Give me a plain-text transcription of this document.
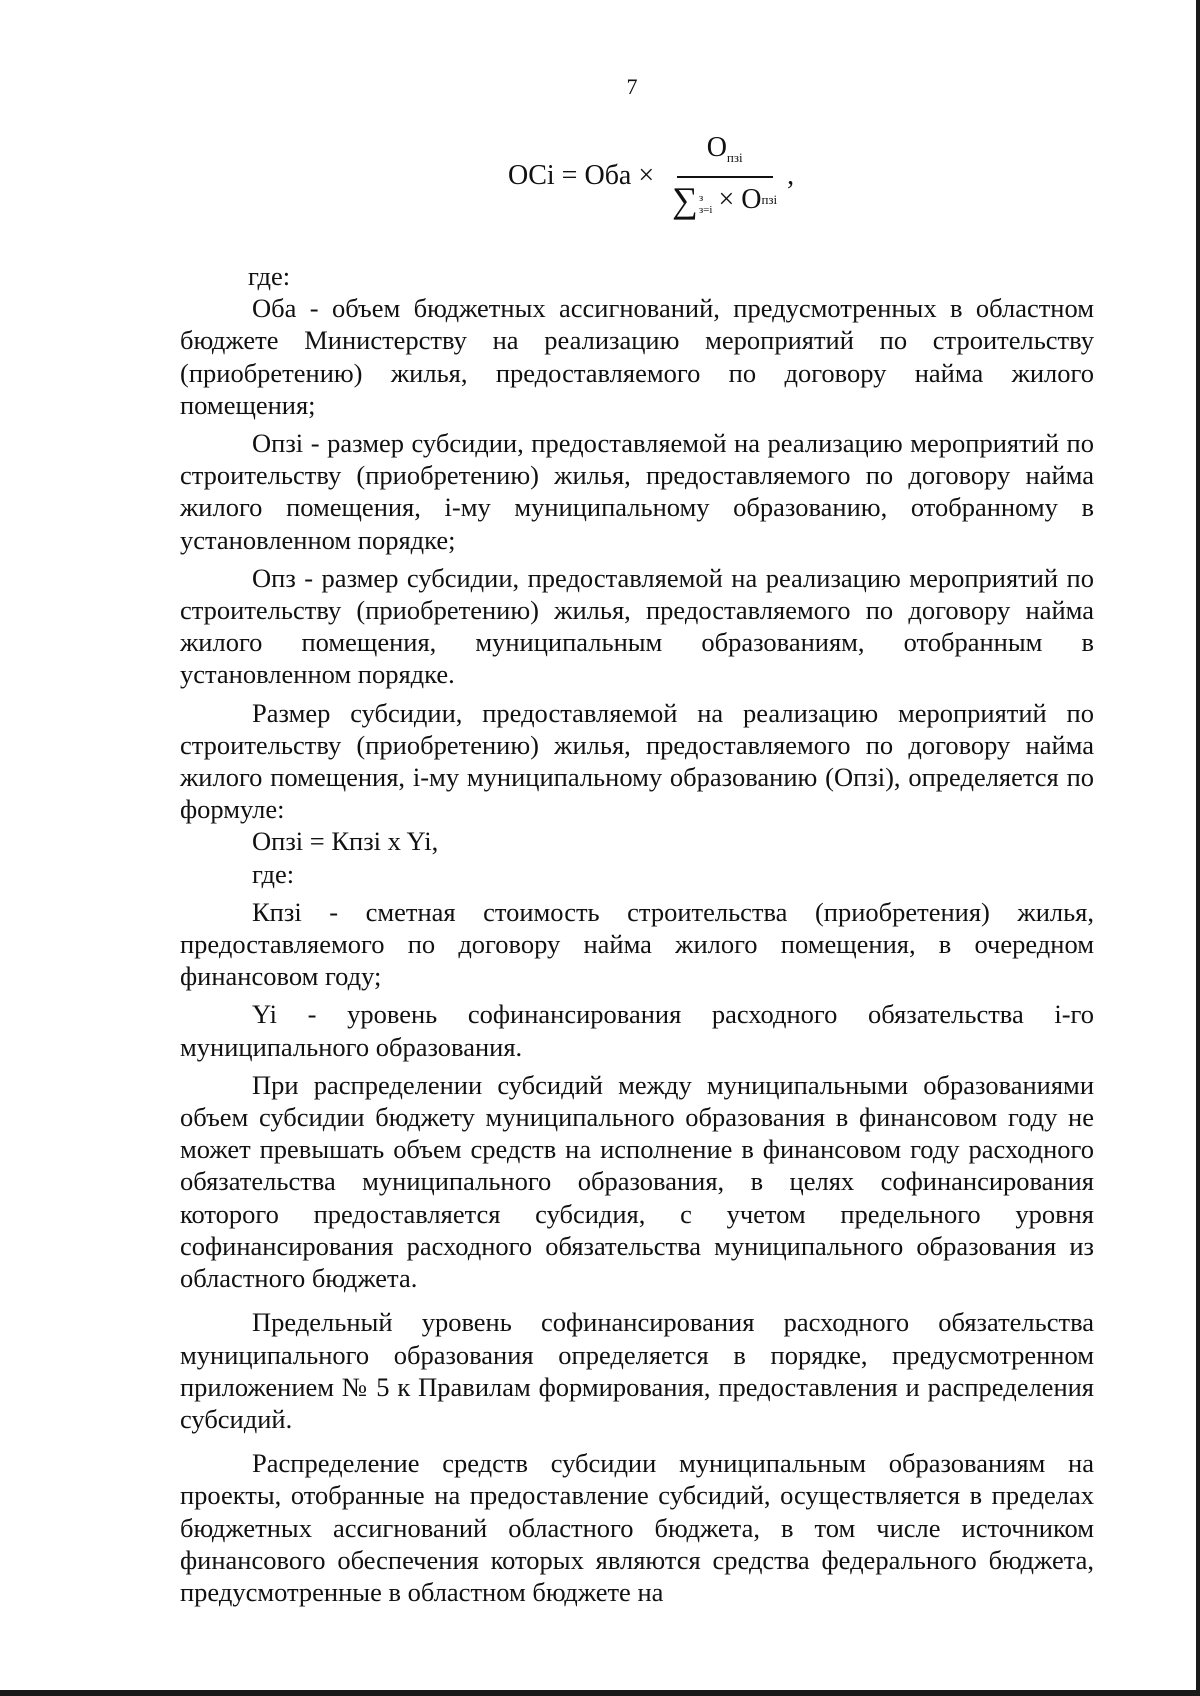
7
OCi = Оба × $O_{пзi}$
∑ з
з=i × O пзi ,

где:

Оба - объем бюджетных ассигнований, предусмотренных в областном бюджете Министерству на реализацию мероприятий по строительству (приобретению) жилья, предоставляемого по договору найма жилого помещения;

Опзi - размер субсидии, предоставляемой на реализацию мероприятий по строительству (приобретению) жилья, предоставляемого по договору найма жилого помещения, i-му муниципальному образованию, отобранному в установленном порядке;

Опз - размер субсидии, предоставляемой на реализацию мероприятий по строительству (приобретению) жилья, предоставляемого по договору найма жилого помещения, муниципальным образованиям, отобранным в установленном порядке.

Размер субсидии, предоставляемой на реализацию мероприятий по строительству (приобретению) жилья, предоставляемого по договору найма жилого помещения, i-му муниципальному образованию (Опзi), определяется по формуле:

Опзi = Кпзi x Yi,

где:

Кпзi - сметная стоимость строительства (приобретения) жилья, предоставляемого по договору найма жилого помещения, в очередном финансовом году;

Yi - уровень софинансирования расходного обязательства i-го муниципального образования.

При распределении субсидий между муниципальными образованиями объем субсидии бюджету муниципального образования в финансовом году не может превышать объем средств на исполнение в финансовом году расходного обязательства муниципального образования, в целях софинансирования которого предоставляется субсидия, с учетом предельного уровня софинансирования расходного обязательства муниципального образования из областного бюджета.

Предельный уровень софинансирования расходного обязательства муниципального образования определяется в порядке, предусмотренном приложением № 5 к Правилам формирования, предоставления и распределения субсидий.

Распределение средств субсидии муниципальным образованиям на проекты, отобранные на предоставление субсидий, осуществляется в пределах бюджетных ассигнований областного бюджета, в том числе источником финансового обеспечения которых являются средства федерального бюджета, предусмотренные в областном бюджете на
